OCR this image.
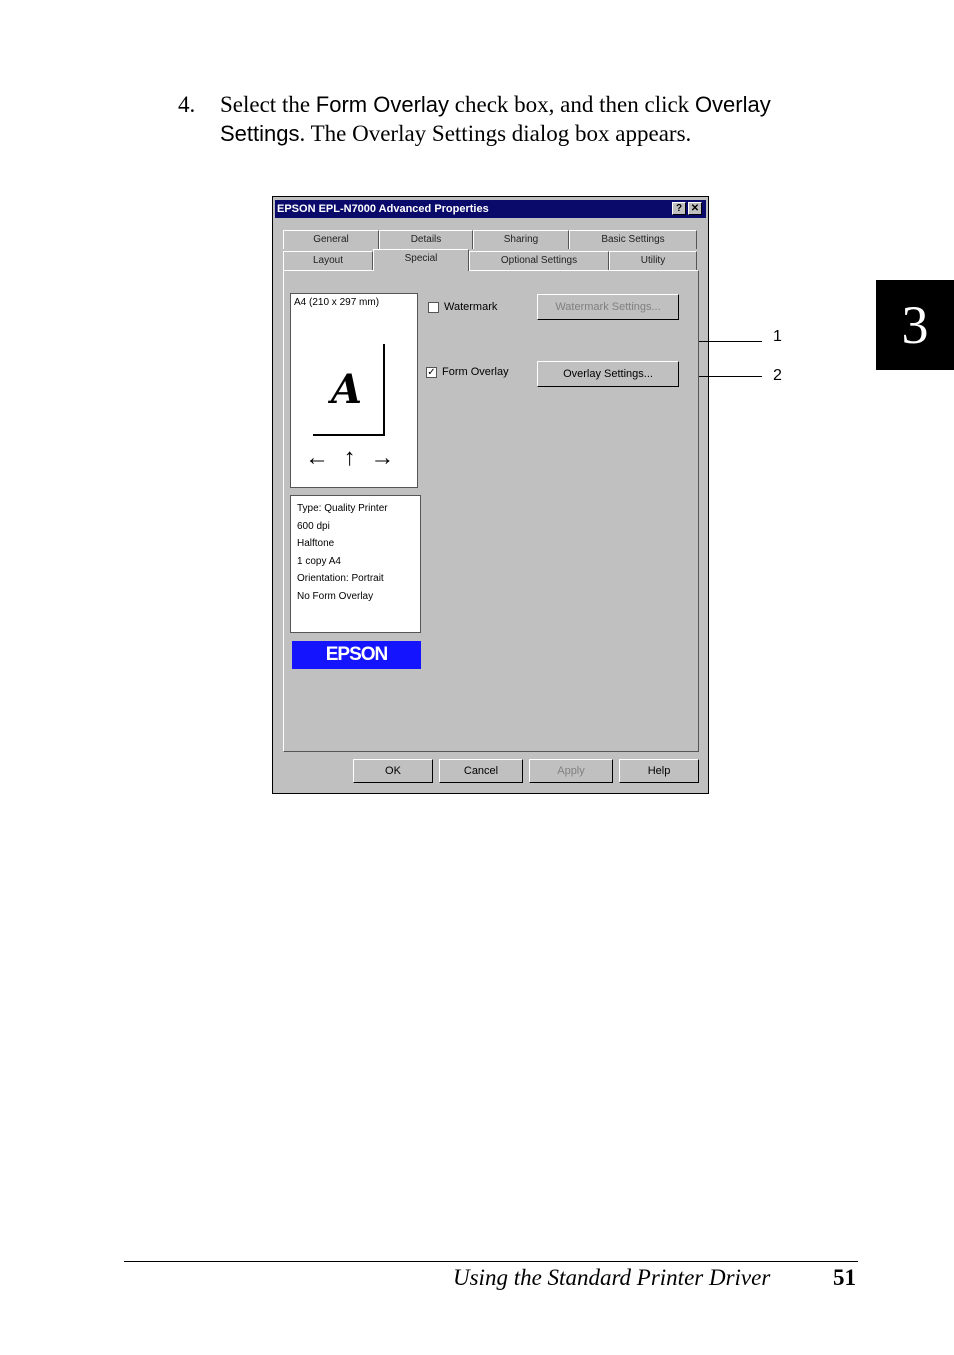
4. Select the Form Overlay check box, and then click Overlay Settings. The Overlay Settings dialog box appears.
3
EPSON EPL-N7000 Advanced Properties	? ✕
General	Details	Sharing	Basic Settings
Layout	Special	Optional Settings	Utility
A4 (210 x 297 mm)
A
← ↑ →
Type: Quality Printer
600 dpi
Halftone
1 copy A4
Orientation: Portrait
No Form Overlay
EPSON
Watermark	Watermark Settings...
✓ Form Overlay	Overlay Settings...
OK	Cancel	Apply	Help
1
2
Using the Standard Printer Driver	51
